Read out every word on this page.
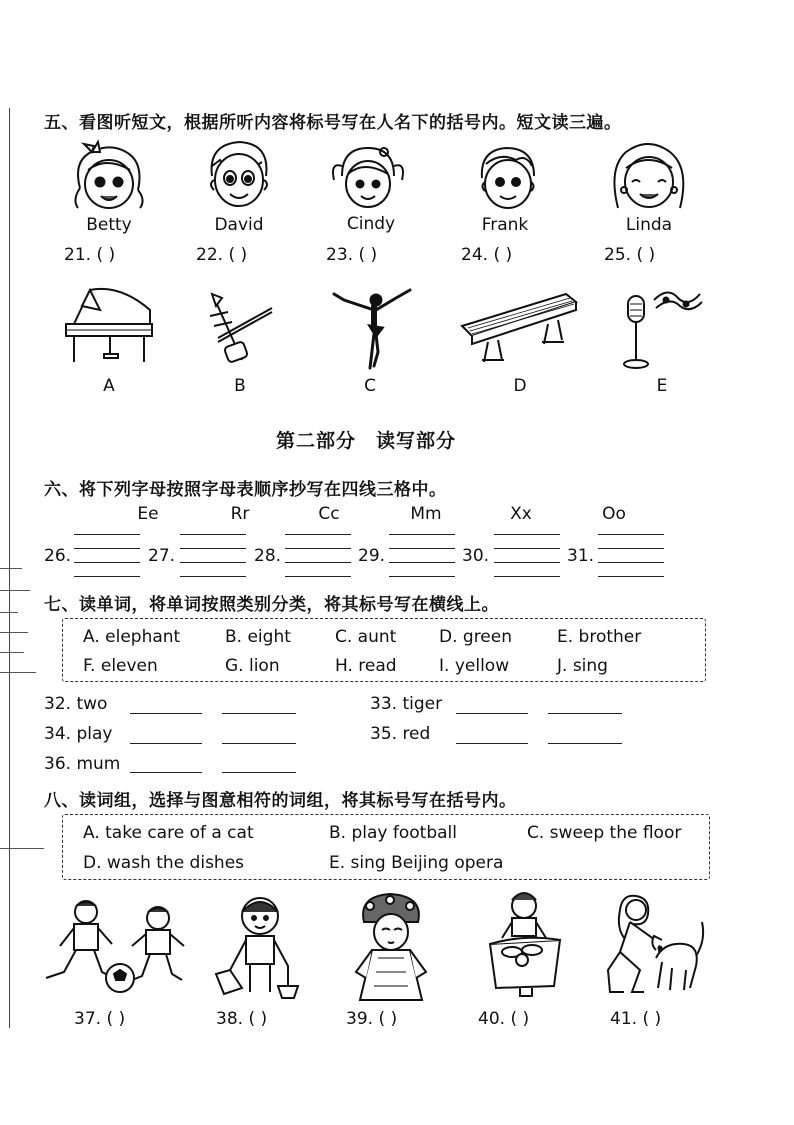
五、看图听短文，根据所听内容将标号写在人名下的括号内。短文读三遍。
Betty	David	Cindy	Frank	Linda
21. ( )	22. ( )	23. ( )	24. ( )	25. ( )
A	B	C	D	E
第二部分　读写部分
六、将下列字母按照字母表顺序抄写在四线三格中。
Ee	Rr	Cc	Mm	Xx	Oo
26.	27.	28.	29.	30.	31.
七、读单词，将单词按照类别分类，将其标号写在横线上。
A. elephant	B. eight	C. aunt	D. green	E. brother
F. eleven	G. lion	H. read I. yellow	J. sing
32. two	33. tiger
34. play	35. red
36. mum
八、读词组，选择与图意相符的词组，将其标号写在括号内。
A. take care of a cat	B. play football	C. sweep the floor
D. wash the dishes	E. sing Beijing opera
37. ( )	38. ( )	39. ( )	40. ( )	41. ( )
